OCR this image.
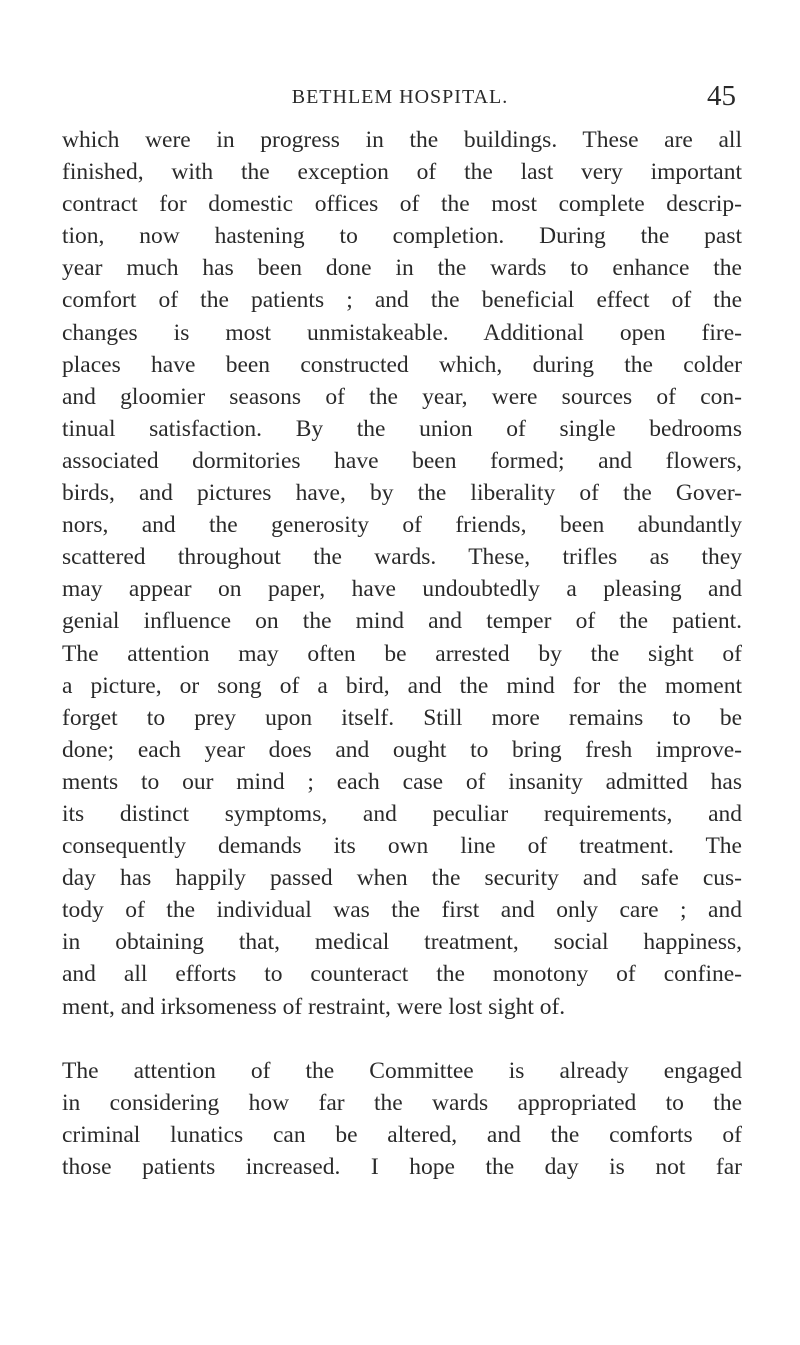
BETHLEM HOSPITAL.	45
which were in progress in the buildings. These are all
finished, with the exception of the last very important
contract for domestic offices of the most complete descrip-
tion, now hastening to completion. During the past
year much has been done in the wards to enhance the
comfort of the patients ; and the beneficial effect of the
changes is most unmistakeable. Additional open fire-
places have been constructed which, during the colder
and gloomier seasons of the year, were sources of con-
tinual satisfaction. By the union of single bedrooms
associated dormitories have been formed; and flowers,
birds, and pictures have, by the liberality of the Gover-
nors, and the generosity of friends, been abundantly
scattered throughout the wards. These, trifles as they
may appear on paper, have undoubtedly a pleasing and
genial influence on the mind and temper of the patient.
The attention may often be arrested by the sight of
a picture, or song of a bird, and the mind for the moment
forget to prey upon itself. Still more remains to be
done; each year does and ought to bring fresh improve-
ments to our mind ; each case of insanity admitted has
its distinct symptoms, and peculiar requirements, and
consequently demands its own line of treatment. The
day has happily passed when the security and safe cus-
tody of the individual was the first and only care ; and
in obtaining that, medical treatment, social happiness,
and all efforts to counteract the monotony of confine-
ment, and irksomeness of restraint, were lost sight of.
The attention of the Committee is already engaged
in considering how far the wards appropriated to the
criminal lunatics can be altered, and the comforts of
those patients increased. I hope the day is not far
